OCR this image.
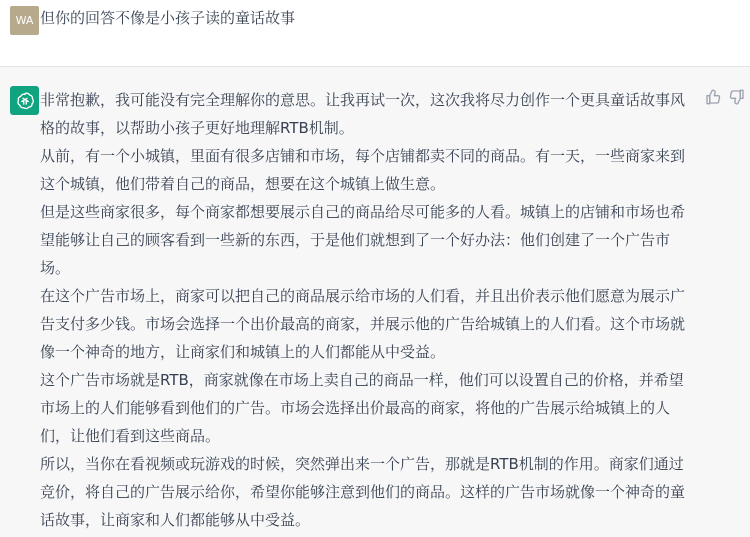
WA 但你的回答不像是小孩子读的童话故事

非常抱歉，我可能没有完全理解你的意思。让我再试一次，这次我将尽力创作一个更具童话故事风格的故事，以帮助小孩子更好地理解RTB机制。

从前，有一个小城镇，里面有很多店铺和市场，每个店铺都卖不同的商品。有一天，一些商家来到这个城镇，他们带着自己的商品，想要在这个城镇上做生意。

但是这些商家很多，每个商家都想要展示自己的商品给尽可能多的人看。城镇上的店铺和市场也希望能够让自己的顾客看到一些新的东西，于是他们就想到了一个好办法：他们创建了一个广告市场。

在这个广告市场上，商家可以把自己的商品展示给市场的人们看，并且出价表示他们愿意为展示广告支付多少钱。市场会选择一个出价最高的商家，并展示他的广告给城镇上的人们看。这个市场就像一个神奇的地方，让商家们和城镇上的人们都能从中受益。

这个广告市场就是RTB，商家就像在市场上卖自己的商品一样，他们可以设置自己的价格，并希望市场上的人们能够看到他们的广告。市场会选择出价最高的商家，将他的广告展示给城镇上的人们，让他们看到这些商品。

所以，当你在看视频或玩游戏的时候，突然弹出来一个广告，那就是RTB机制的作用。商家们通过竞价，将自己的广告展示给你，希望你能够注意到他们的商品。这样的广告市场就像一个神奇的童话故事，让商家和人们都能够从中受益。
